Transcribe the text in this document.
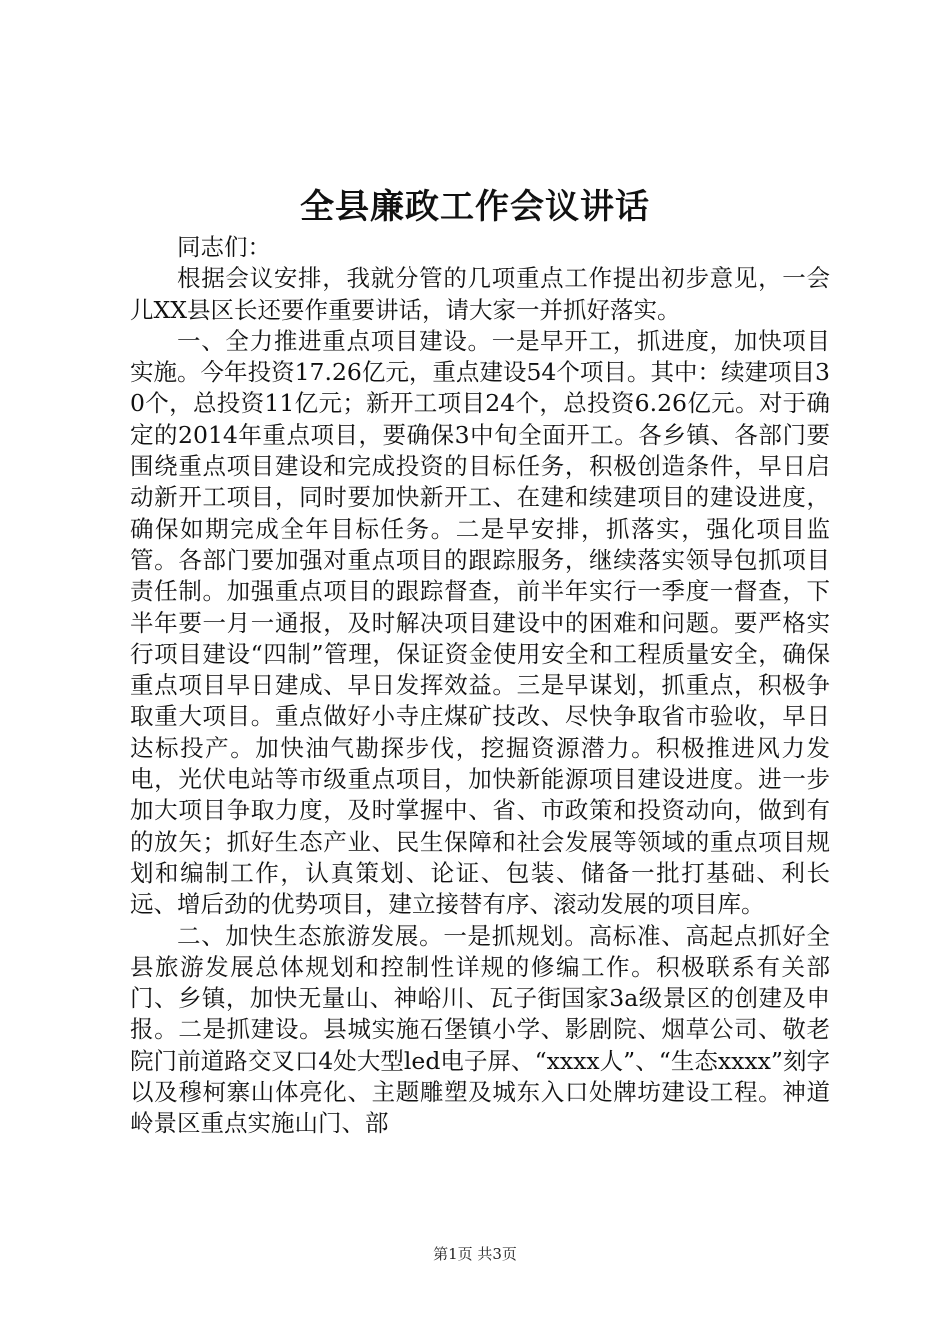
全县廉政工作会议讲话

同志们：

根据会议安排，我就分管的几项重点工作提出初步意见，一会儿XX县区长还要作重要讲话，请大家一并抓好落实。

一、全力推进重点项目建设。一是早开工，抓进度，加快项目实施。今年投资17.26亿元，重点建设54个项目。其中：续建项目30个，总投资11亿元；新开工项目24个，总投资6.26亿元。对于确定的2014年重点项目，要确保3中旬全面开工。各乡镇、各部门要围绕重点项目建设和完成投资的目标任务，积极创造条件，早日启动新开工项目，同时要加快新开工、在建和续建项目的建设进度，确保如期完成全年目标任务。二是早安排，抓落实，强化项目监管。各部门要加强对重点项目的跟踪服务，继续落实领导包抓项目责任制。加强重点项目的跟踪督查，前半年实行一季度一督查，下半年要一月一通报，及时解决项目建设中的困难和问题。要严格实行项目建设“四制”管理，保证资金使用安全和工程质量安全，确保重点项目早日建成、早日发挥效益。三是早谋划，抓重点，积极争取重大项目。重点做好小寺庄煤矿技改、尽快争取省市验收，早日达标投产。加快油气勘探步伐，挖掘资源潜力。积极推进风力发电，光伏电站等市级重点项目，加快新能源项目建设进度。进一步加大项目争取力度，及时掌握中、省、市政策和投资动向，做到有的放矢；抓好生态产业、民生保障和社会发展等领域的重点项目规划和编制工作，认真策划、论证、包装、储备一批打基础、利长远、增后劲的优势项目，建立接替有序、滚动发展的项目库。

二、加快生态旅游发展。一是抓规划。高标准、高起点抓好全县旅游发展总体规划和控制性详规的修编工作。积极联系有关部门、乡镇，加快无量山、神峪川、瓦子街国家3a级景区的创建及申报。二是抓建设。县城实施石堡镇小学、影剧院、烟草公司、敬老院门前道路交叉口4处大型led电子屏、“xxxx人”、“生态xxxx”刻字以及穆柯寨山体亮化、主题雕塑及城东入口处牌坊建设工程。神道岭景区重点实施山门、部

第1页 共3页
